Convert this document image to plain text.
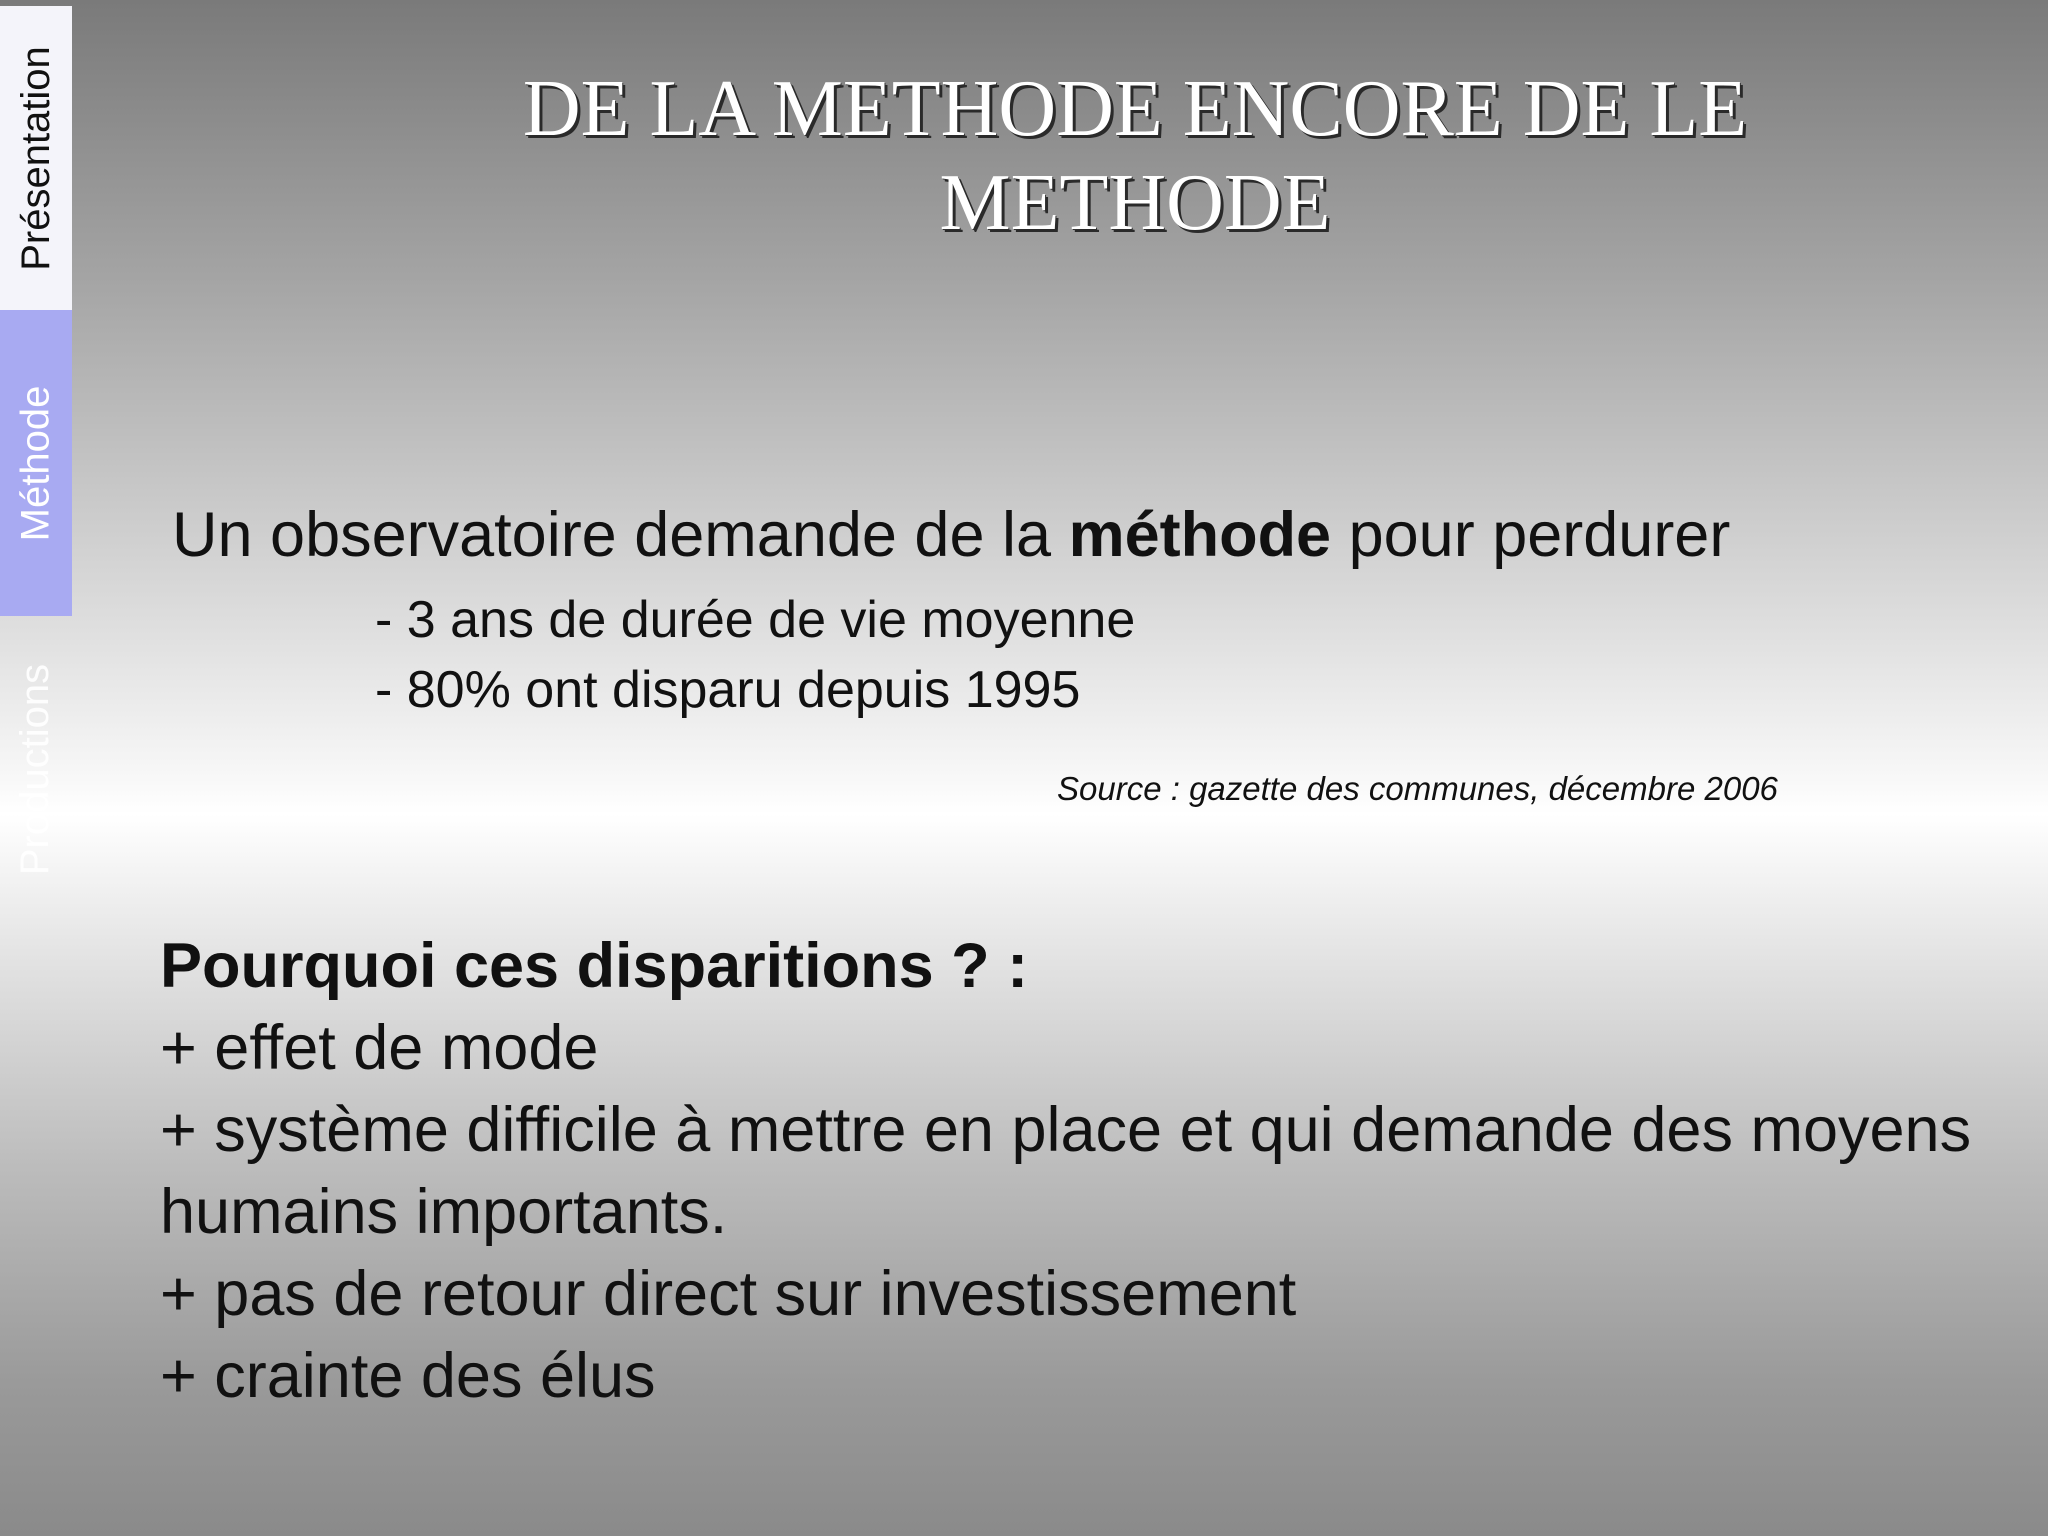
Présentation
Méthode
Productions
DE LA METHODE ENCORE DE LE METHODE
Un observatoire demande de la méthode pour perdurer
- 3 ans de durée de vie moyenne
- 80% ont disparu depuis 1995
Source : gazette des communes, décembre 2006
Pourquoi ces disparitions ? :
+ effet de mode
+ système difficile à mettre en place et qui demande des moyens humains importants.
+ pas de retour direct sur investissement
+ crainte des élus
